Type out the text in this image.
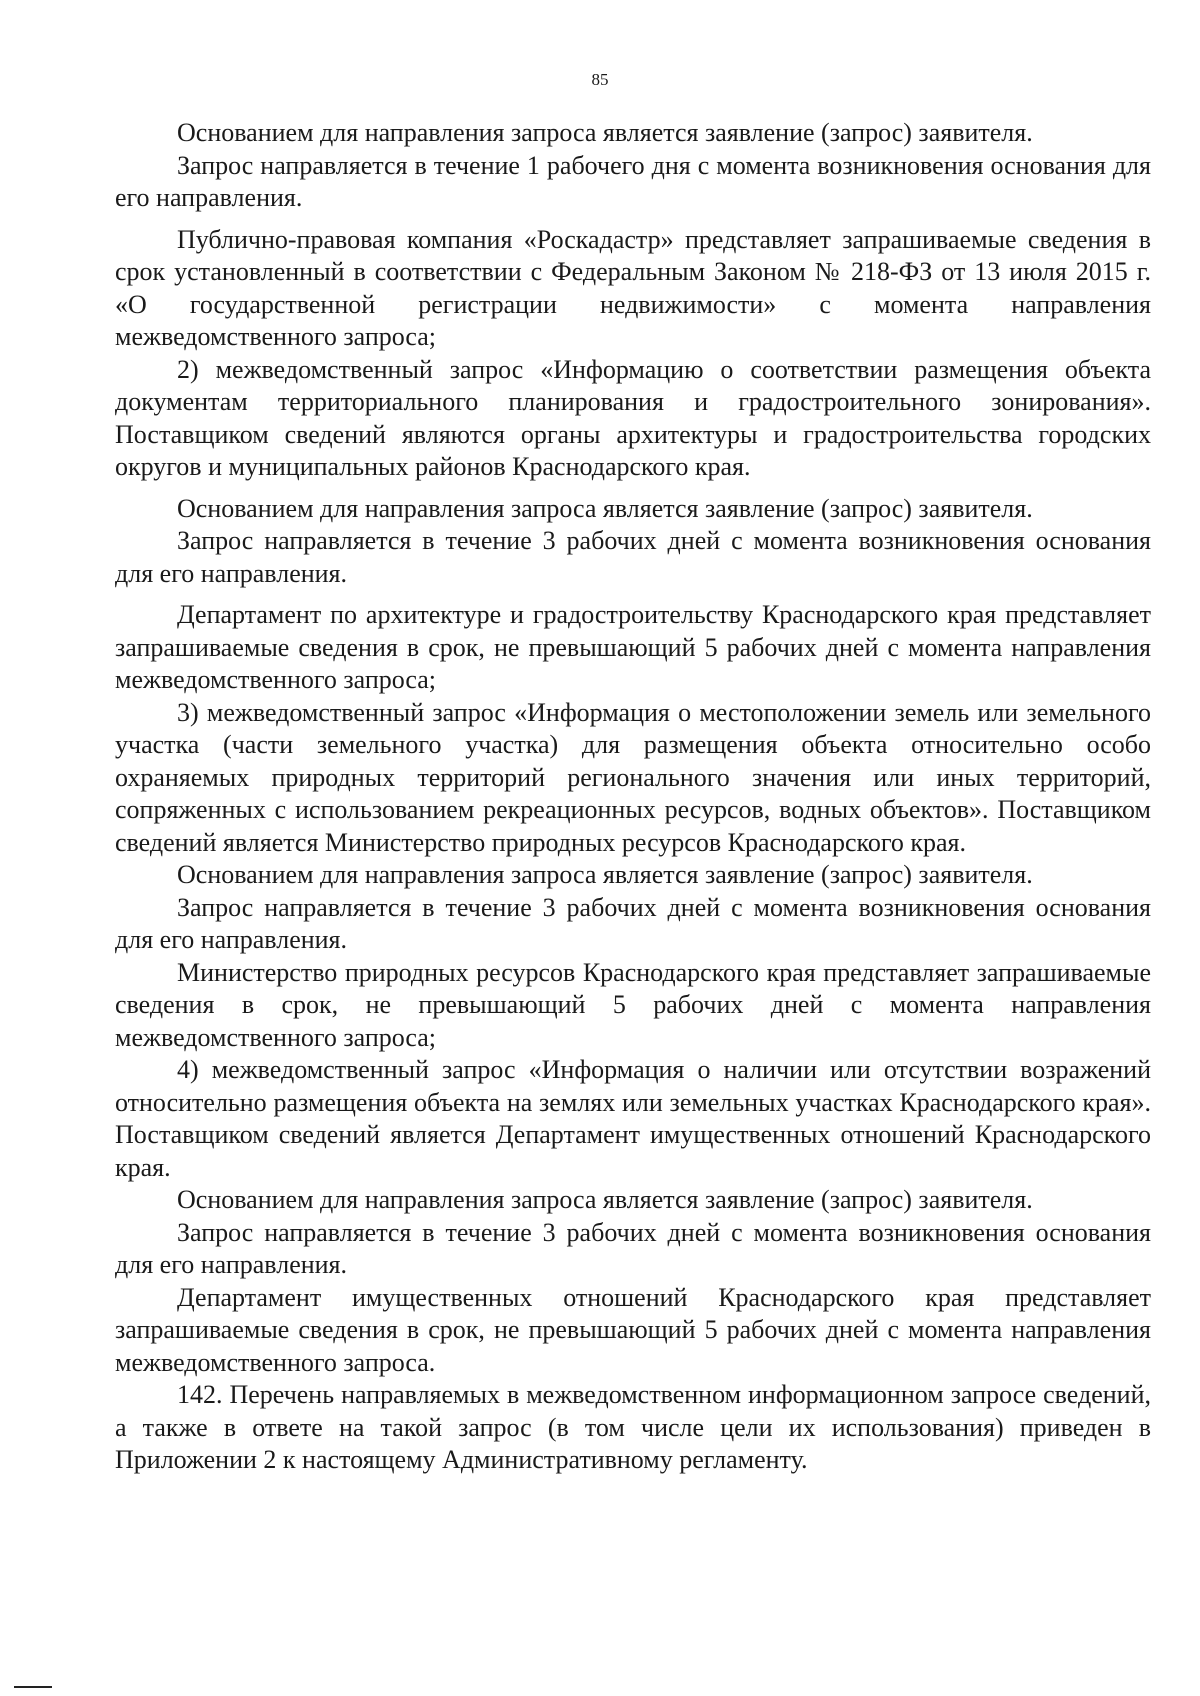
85

Основанием для направления запроса является заявление (запрос) заявителя.

Запрос направляется в течение 1 рабочего дня с момента возникновения основания для его направления.

Публично-правовая компания «Роскадастр» представляет запрашиваемые сведения в срок установленный в соответствии с Федеральным Законом № 218-ФЗ от 13 июля 2015 г. «О государственной регистрации недвижимости» с момента направления межведомственного запроса;

2) межведомственный запрос «Информацию о соответствии размещения объекта документам территориального планирования и градостроительного зонирования». Поставщиком сведений являются органы архитектуры и градостроительства городских округов и муниципальных районов Краснодарского края.

Основанием для направления запроса является заявление (запрос) заявителя.

Запрос направляется в течение 3 рабочих дней с момента возникновения основания для его направления.

Департамент по архитектуре и градостроительству Краснодарского края представляет запрашиваемые сведения в срок, не превышающий 5 рабочих дней с момента направления межведомственного запроса;

3) межведомственный запрос «Информация о местоположении земель или земельного участка (части земельного участка) для размещения объекта относительно особо охраняемых природных территорий регионального значения или иных территорий, сопряженных с использованием рекреационных ресурсов, водных объектов». Поставщиком сведений является Министерство природных ресурсов Краснодарского края.

Основанием для направления запроса является заявление (запрос) заявителя.

Запрос направляется в течение 3 рабочих дней с момента возникновения основания для его направления.

Министерство природных ресурсов Краснодарского края представляет запрашиваемые сведения в срок, не превышающий 5 рабочих дней с момента направления межведомственного запроса;

4) межведомственный запрос «Информация о наличии или отсутствии возражений относительно размещения объекта на землях или земельных участках Краснодарского края». Поставщиком сведений является Департамент имущественных отношений Краснодарского края.

Основанием для направления запроса является заявление (запрос) заявителя.

Запрос направляется в течение 3 рабочих дней с момента возникновения основания для его направления.

Департамент имущественных отношений Краснодарского края представляет запрашиваемые сведения в срок, не превышающий 5 рабочих дней с момента направления межведомственного запроса.

142. Перечень направляемых в межведомственном информационном запросе сведений, а также в ответе на такой запрос (в том числе цели их использования) приведен в Приложении 2 к настоящему Административному регламенту.
